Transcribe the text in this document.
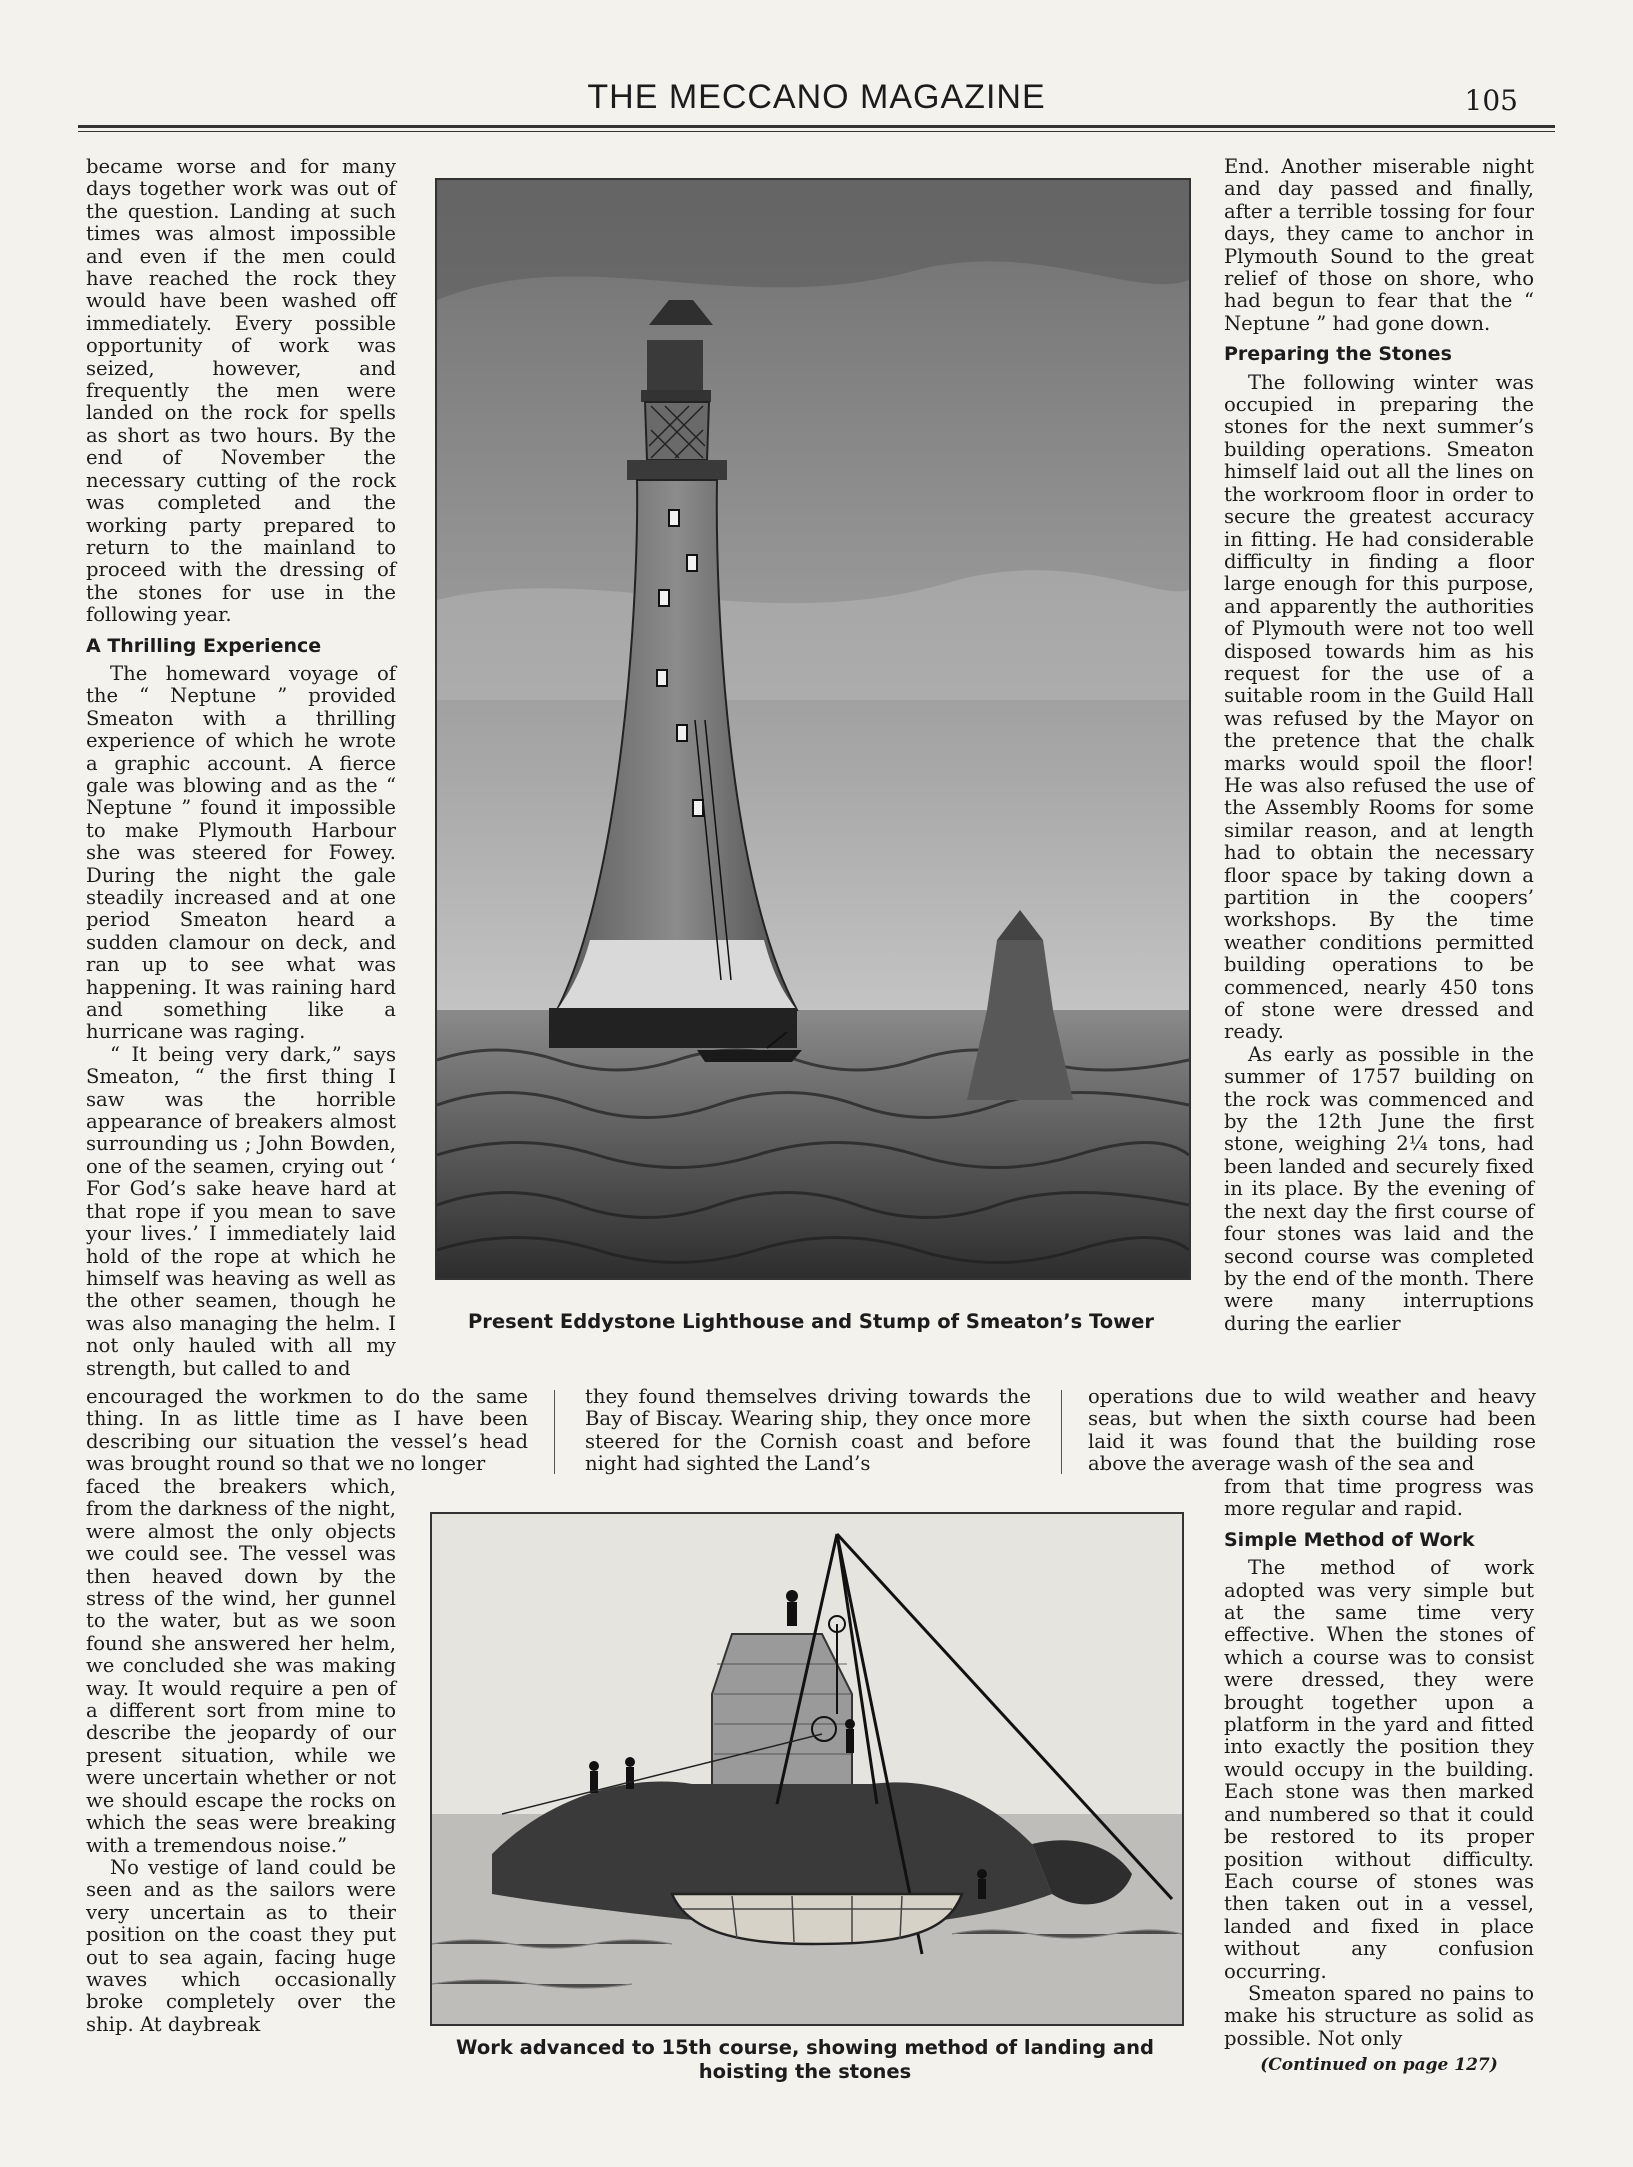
THE MECCANO MAGAZINE	105

became worse and for many days together work was out of the question. Landing at such times was almost impossible and even if the men could have reached the rock they would have been washed off immediately. Every possible opportunity of work was seized, however, and frequently the men were landed on the rock for spells as short as two hours. By the end of November the necessary cutting of the rock was completed and the working party prepared to return to the mainland to proceed with the dressing of the stones for use in the following year.

A Thrilling Experience

The homeward voyage of the “ Neptune ” provided Smeaton with a thrilling experience of which he wrote a graphic account. A fierce gale was blowing and as the “ Neptune ” found it impossible to make Plymouth Harbour she was steered for Fowey. During the night the gale steadily increased and at one period Smeaton heard a sudden clamour on deck, and ran up to see what was happening. It was raining hard and something like a hurricane was raging.

“ It being very dark,” says Smeaton, “ the first thing I saw was the horrible appearance of breakers almost surrounding us ; John Bowden, one of the seamen, crying out ‘ For God’s sake heave hard at that rope if you mean to save your lives.’ I immediately laid hold of the rope at which he himself was heaving as well as the other seamen, though he was also managing the helm. I not only hauled with all my strength, but called to and

Present Eddystone Lighthouse and Stump of Smeaton’s Tower

End. Another miserable night and day passed and finally, after a terrible tossing for four days, they came to anchor in Plymouth Sound to the great relief of those on shore, who had begun to fear that the “ Neptune ” had gone down.

Preparing the Stones

The following winter was occupied in preparing the stones for the next summer’s building operations. Smeaton himself laid out all the lines on the workroom floor in order to secure the greatest accuracy in fitting. He had considerable difficulty in finding a floor large enough for this purpose, and apparently the authorities of Plymouth were not too well disposed towards him as his request for the use of a suitable room in the Guild Hall was refused by the Mayor on the pretence that the chalk marks would spoil the floor! He was also refused the use of the Assembly Rooms for some similar reason, and at length had to obtain the necessary floor space by taking down a partition in the coopers’ workshops. By the time weather conditions permitted building operations to be commenced, nearly 450 tons of stone were dressed and ready.

As early as possible in the summer of 1757 building on the rock was commenced and by the 12th June the first stone, weighing 2¼ tons, had been landed and securely fixed in its place. By the evening of the next day the first course of four stones was laid and the second course was completed by the end of the month. There were many interruptions during the earlier

encouraged the workmen to do the same thing. In as little time as I have been describing our situation the vessel’s head was brought round so that we no longer

they found themselves driving towards the Bay of Biscay. Wearing ship, they once more steered for the Cornish coast and before night had sighted the Land’s

operations due to wild weather and heavy seas, but when the sixth course had been laid it was found that the building rose above the average wash of the sea and

faced the breakers which, from the darkness of the night, were almost the only objects we could see. The vessel was then heaved down by the stress of the wind, her gunnel to the water, but as we soon found she answered her helm, we concluded she was making way. It would require a pen of a different sort from mine to describe the jeopardy of our present situation, while we were uncertain whether or not we should escape the rocks on which the seas were breaking with a tremendous noise.”

No vestige of land could be seen and as the sailors were very uncertain as to their position on the coast they put out to sea again, facing huge waves which occasionally broke completely over the ship. At daybreak

Work advanced to 15th course, showing method of landing and
hoisting the stones

from that time progress was more regular and rapid.

Simple Method of Work

The method of work adopted was very simple but at the same time very effective. When the stones of which a course was to consist were dressed, they were brought together upon a platform in the yard and fitted into exactly the position they would occupy in the building. Each stone was then marked and numbered so that it could be restored to its proper position without difficulty. Each course of stones was then taken out in a vessel, landed and fixed in place without any confusion occurring.

Smeaton spared no pains to make his structure as solid as possible. Not only

(Continued on page 127)
